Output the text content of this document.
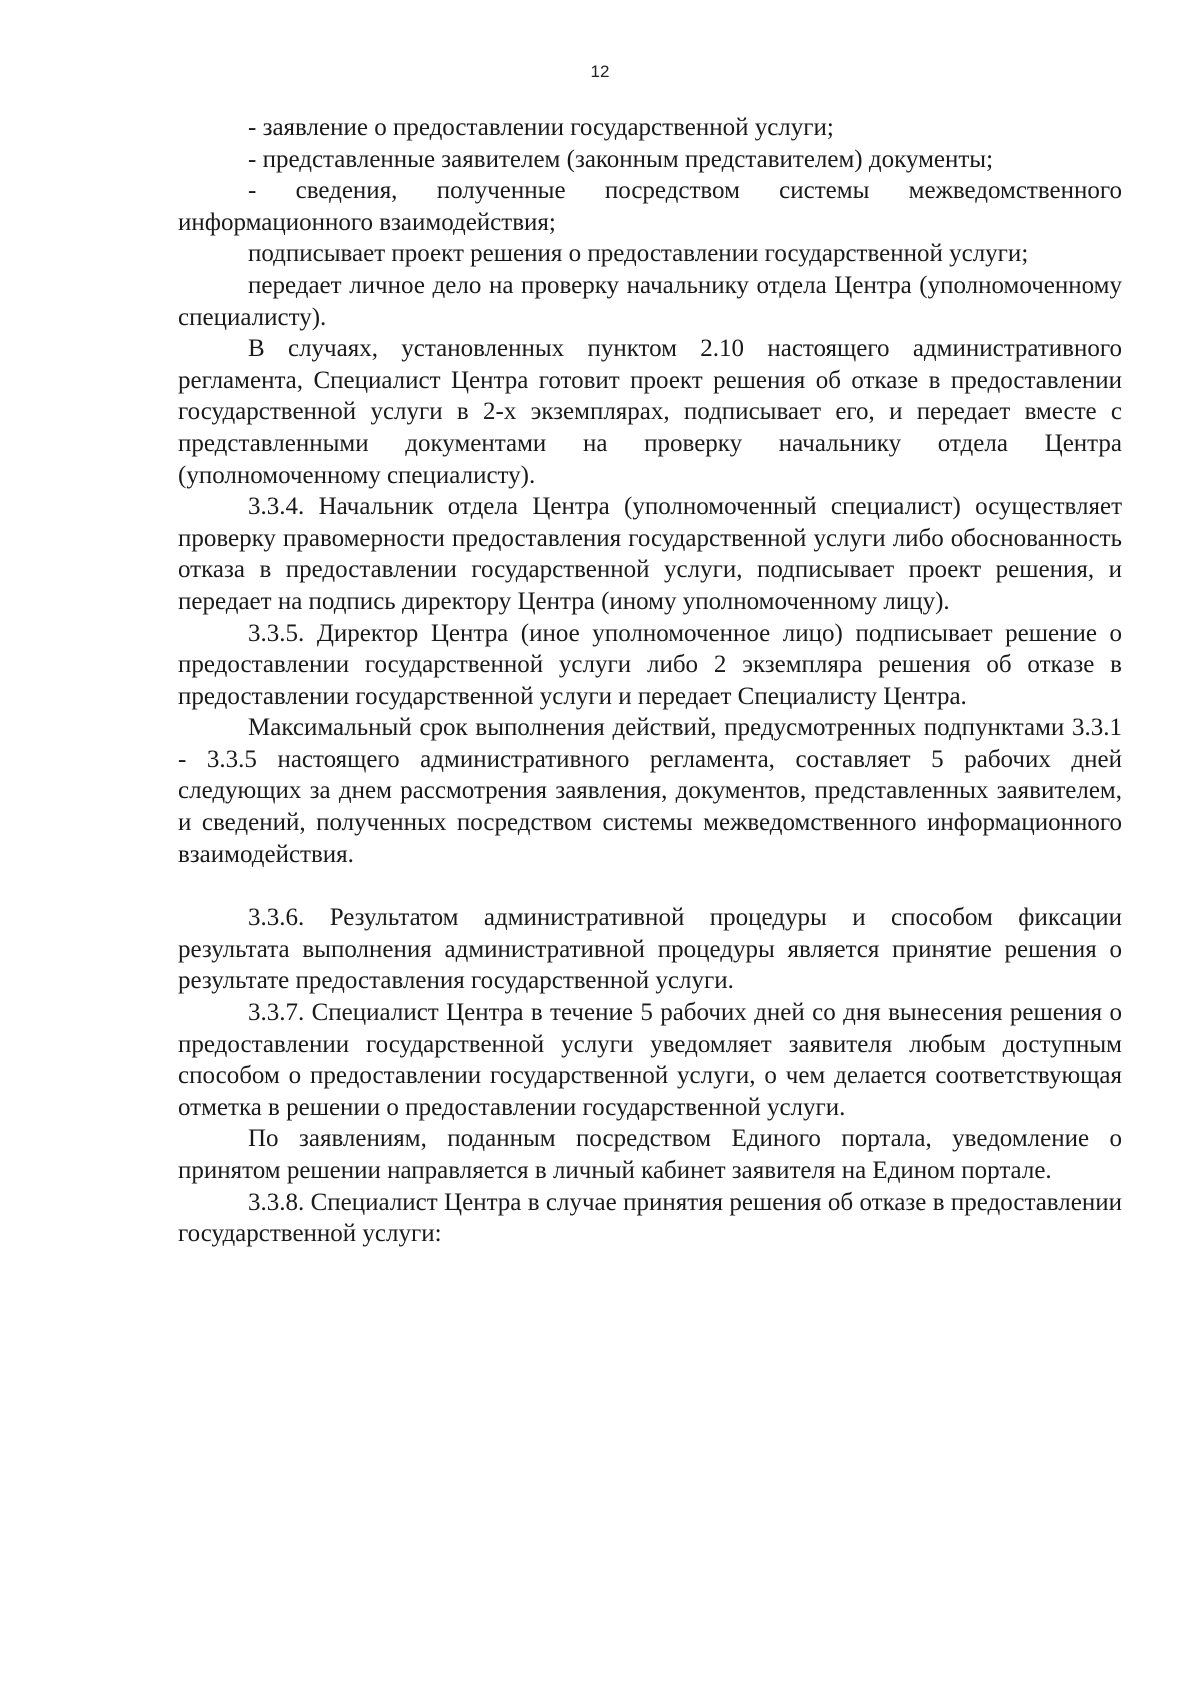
12

- заявление о предоставлении государственной услуги;

- представленные заявителем (законным представителем) документы;

- сведения, полученные посредством системы межведомственного информационного взаимодействия;

подписывает проект решения о предоставлении государственной услуги;

передает личное дело на проверку начальнику отдела Центра (уполномоченному специалисту).

В случаях, установленных пунктом 2.10 настоящего административного регламента, Специалист Центра готовит проект решения об отказе в предоставлении государственной услуги в 2-х экземплярах, подписывает его, и передает вместе с представленными документами на проверку начальнику отдела Центра (уполномоченному специалисту).

3.3.4. Начальник отдела Центра (уполномоченный специалист) осуществляет проверку правомерности предоставления государственной услуги либо обоснованность отказа в предоставлении государственной услуги, подписывает проект решения, и передает на подпись директору Центра (иному уполномоченному лицу).

3.3.5. Директор Центра (иное уполномоченное лицо) подписывает решение о предоставлении государственной услуги либо 2 экземпляра решения об отказе в предоставлении государственной услуги и передает Специалисту Центра.

Максимальный срок выполнения действий, предусмотренных подпунктами 3.3.1 - 3.3.5 настоящего административного регламента, составляет 5 рабочих дней следующих за днем рассмотрения заявления, документов, представленных заявителем, и сведений, полученных посредством системы межведомственного информационного взаимодействия.

3.3.6. Результатом административной процедуры и способом фиксации результата выполнения административной процедуры является принятие решения о результате предоставления государственной услуги.

3.3.7. Специалист Центра в течение 5 рабочих дней со дня вынесения решения о предоставлении государственной услуги уведомляет заявителя любым доступным способом о предоставлении государственной услуги, о чем делается соответствующая отметка в решении о предоставлении государственной услуги.

По заявлениям, поданным посредством Единого портала, уведомление о принятом решении направляется в личный кабинет заявителя на Едином портале.

3.3.8. Специалист Центра в случае принятия решения об отказе в предоставлении государственной услуги:
